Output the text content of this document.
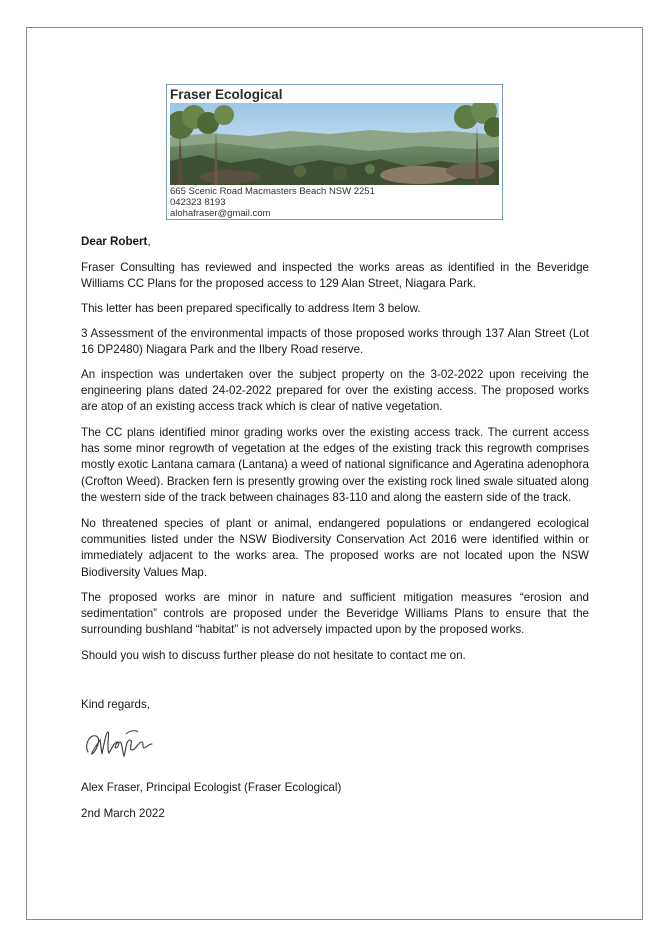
Fraser Ecological
665 Scenic Road Macmasters Beach NSW 2251
042323 8193
alohafraser@gmail.com
Dear Robert,

Fraser Consulting has reviewed and inspected the works areas as identified in the Beveridge Williams CC Plans for the proposed access to 129 Alan Street, Niagara Park.

This letter has been prepared specifically to address Item 3 below.

3 Assessment of the environmental impacts of those proposed works through 137 Alan Street (Lot 16 DP2480) Niagara Park and the Ilbery Road reserve.

An inspection was undertaken over the subject property on the 3-02-2022 upon receiving the engineering plans dated 24-02-2022 prepared for over the existing access. The proposed works are atop of an existing access track which is clear of native vegetation.

The CC plans identified minor grading works over the existing access track. The current access has some minor regrowth of vegetation at the edges of the existing track this regrowth comprises mostly exotic Lantana camara (Lantana) a weed of national significance and Ageratina adenophora (Crofton Weed). Bracken fern is presently growing over the existing rock lined swale situated along the western side of the track between chainages 83-110 and along the eastern side of the track.

No threatened species of plant or animal, endangered populations or endangered ecological communities listed under the NSW Biodiversity Conservation Act 2016 were identified within or immediately adjacent to the works area. The proposed works are not located upon the NSW Biodiversity Values Map.

The proposed works are minor in nature and sufficient mitigation measures “erosion and sedimentation” controls are proposed under the Beveridge Williams Plans to ensure that the surrounding bushland “habitat” is not adversely impacted upon by the proposed works.

Should you wish to discuss further please do not hesitate to contact me on.

Kind regards,

Alex Fraser, Principal Ecologist (Fraser Ecological)

2nd March 2022
